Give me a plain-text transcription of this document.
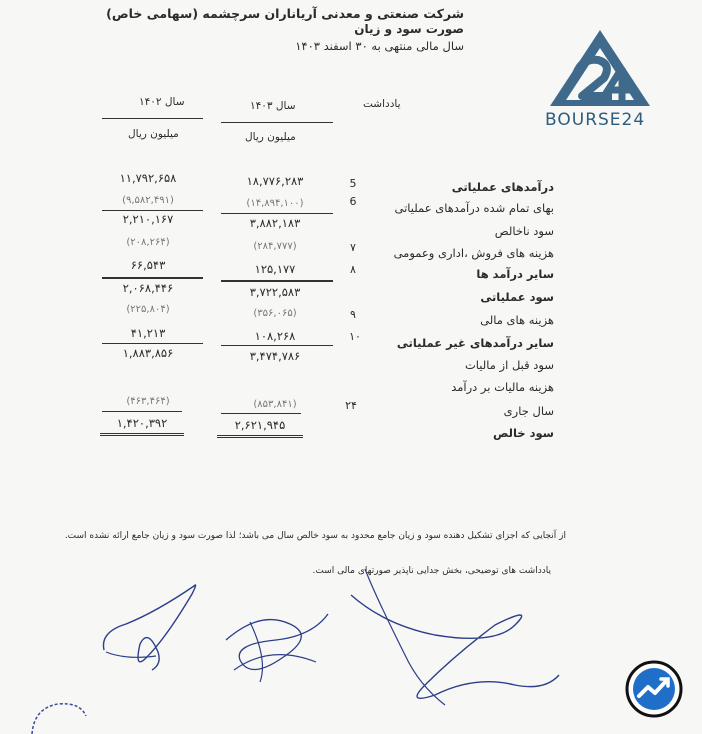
شرکت صنعتی و معدنی آریاناران سرچشمه (سهامی خاص)
صورت سود و زیان
سال مالی منتهی به ۳۰ اسفند ۱۴۰۳
BOURSE24
یادداشت
سال ۱۴۰۳
سال ۱۴۰۲
میلیون ریال
میلیون ریال
درآمدهای عملیاتی
5
۱۸,۷۷۶,۲۸۳
۱۱,۷۹۲,۶۵۸
بهای تمام شده درآمدهای عملیاتی
6
(۱۴,۸۹۴,۱۰۰)
(۹,۵۸۲,۴۹۱)
سود ناخالص
۳,۸۸۲,۱۸۳
۲,۲۱۰,۱۶۷
هزینه های فروش ،اداری وعمومی
۷
(۲۸۴,۷۷۷)
(۲۰۸,۲۶۴)
سایر درآمد ها
۸
۱۲۵,۱۷۷
۶۶,۵۴۳
سود عملیاتی
۳,۷۲۲,۵۸۳
۲,۰۶۸,۴۴۶
هزینه های مالی
۹
(۳۵۶,۰۶۵)
(۲۲۵,۸۰۴)
سایر درآمدهای غیر عملیاتی
۱۰
۱۰۸,۲۶۸
۴۱,۲۱۳
سود قبل از مالیات
۳,۴۷۴,۷۸۶
۱,۸۸۳,۸۵۶
هزینه مالیات بر درآمد
سال جاری
۲۴
(۸۵۳,۸۴۱)
(۴۶۳,۴۶۴)
سود خالص
۲,۶۲۱,۹۴۵
۱,۴۲۰,۳۹۲
از آنجایی که اجزای تشکیل دهنده سود و زیان جامع محدود به سود خالص سال می باشد؛ لذا صورت سود و زیان جامع ارائه نشده است.
یادداشت های توضیحی، بخش جدایی ناپذیر صورتهای مالی است.
